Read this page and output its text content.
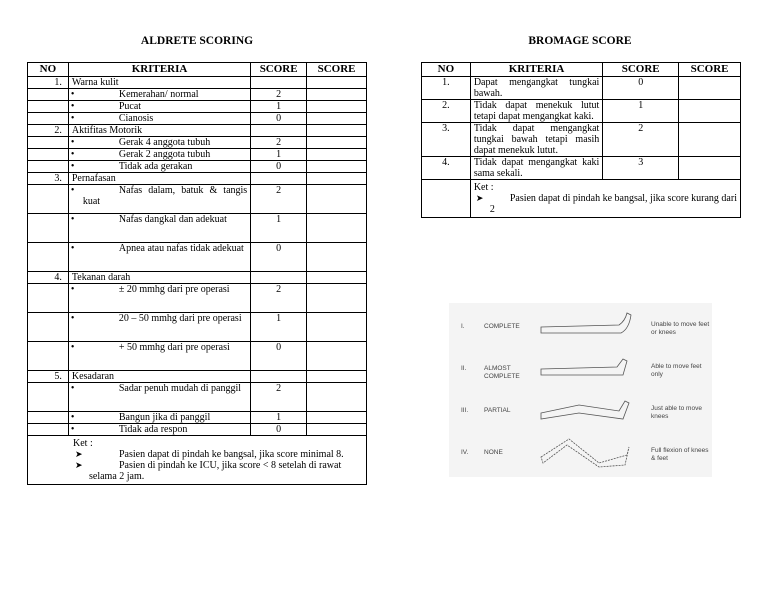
ALDRETE SCORING
NO	KRITERIA	SCORE	SCORE
1.	Warna kulit		
	• Kemerahan/ normal	2	
	• Pucat	1	
	• Cianosis	0	
2.	Aktifitas Motorik		
	• Gerak 4 anggota tubuh	2	
	• Gerak 2 anggota tubuh	1	
	• Tidak ada gerakan	0	
3.	Pernafasan		
	• Nafas dalam, batuk & tangis kuat	2	
	• Nafas dangkal dan adekuat	1	
	• Apnea atau nafas tidak adekuat	0	
4.	Tekanan darah		
	• ± 20 mmhg dari pre operasi	2	
	• 20 – 50 mmhg dari pre operasi	1	
	• + 50 mmhg dari pre operasi	0	
5.	Kesadaran		
	• Sadar penuh mudah di panggil	2	
	• Bangun jika di panggil	1	
	• Tidak ada respon	0	

Ket :
➤ Pasien dapat di pindah ke bangsal, jika score minimal 8.
➤ Pasien di pindah ke ICU, jika score < 8 setelah di rawat selama 2 jam.
BROMAGE SCORE
NO	KRITERIA	SCORE	SCORE
1.	Dapat mengangkat tungkai bawah.	0	
2.	Tidak dapat menekuk lutut tetapi dapat mengangkat kaki.	1	
3.	Tidak dapat mengangkat tungkai bawah tetapi masih dapat menekuk lutut.	2	
4.	Tidak dapat mengangkat kaki sama sekali.	3	

	Ket :
➤ Pasien dapat di pindah ke bangsal, jika score kurang dari 2
I.	COMPLETE	Unable to move feet or knees
II.	ALMOST COMPLETE
Able to move feet only
III. PARTIAL	Just able to move knees
IV. NONE	Full flexion of knees & feet
